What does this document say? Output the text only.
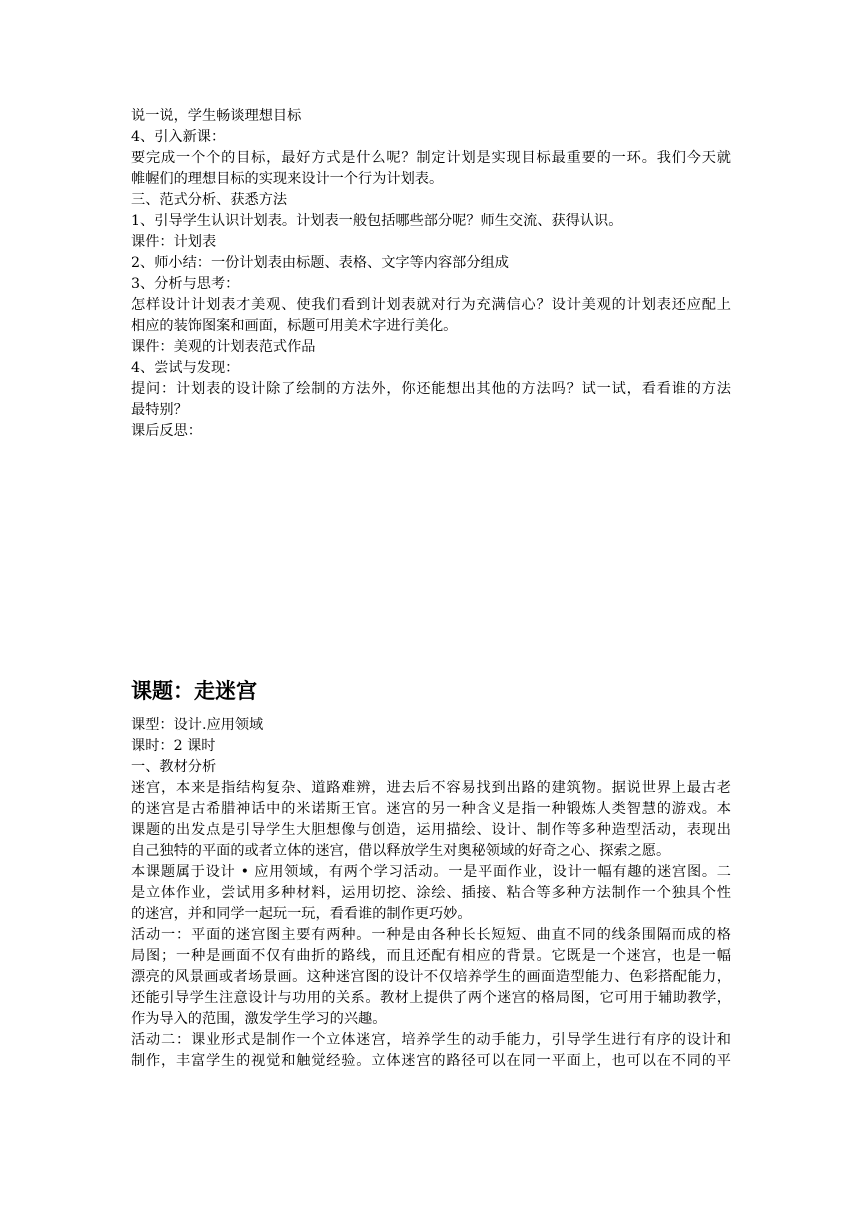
说一说，学生畅谈理想目标

4、引入新课：

要完成一个个的目标，最好方式是什么呢？制定计划是实现目标最重要的一环。我们今天就

帷幄们的理想目标的实现来设计一个行为计划表。

三、范式分析、获悉方法

1、引导学生认识计划表。计划表一般包括哪些部分呢？师生交流、获得认识。

课件：计划表

2、师小结：一份计划表由标题、表格、文字等内容部分组成

3、分析与思考：

怎样设计计划表才美观、使我们看到计划表就对行为充满信心？设计美观的计划表还应配上

相应的装饰图案和画面，标题可用美术字进行美化。

课件：美观的计划表范式作品

4、尝试与发现：

提问：计划表的设计除了绘制的方法外，你还能想出其他的方法吗？试一试，看看谁的方法

最特别？

课后反思：

课题：走迷宫

课型：设计.应用领域

课时：2 课时

一、教材分析

迷宫，本来是指结构复杂、道路难辨，进去后不容易找到出路的建筑物。据说世界上最古老

的迷宫是古希腊神话中的米诺斯王官。迷宫的另一种含义是指一种锻炼人类智慧的游戏。本

课题的出发点是引导学生大胆想像与创造，运用描绘、设计、制作等多种造型活动，表现出

自己独特的平面的或者立体的迷宫，借以释放学生对奥秘领域的好奇之心、探索之愿。

本课题属于设计 • 应用领域，有两个学习活动。一是平面作业，设计一幅有趣的迷宫图。二

是立体作业，尝试用多种材料，运用切挖、涂绘、插接、粘合等多种方法制作一个独具个性

的迷宫，并和同学一起玩一玩，看看谁的制作更巧妙。

活动一：平面的迷宫图主要有两种。一种是由各种长长短短、曲直不同的线条围隔而成的格

局图；一种是画面不仅有曲折的路线，而且还配有相应的背景。它既是一个迷宫，也是一幅

漂亮的风景画或者场景画。这种迷宫图的设计不仅培养学生的画面造型能力、色彩搭配能力，

还能引导学生注意设计与功用的关系。教材上提供了两个迷宫的格局图，它可用于辅助教学，

作为导入的范围，激发学生学习的兴趣。

活动二：课业形式是制作一个立体迷宫，培养学生的动手能力，引导学生进行有序的设计和

制作，丰富学生的视觉和触觉经验。立体迷宫的路径可以在同一平面上，也可以在不同的平
